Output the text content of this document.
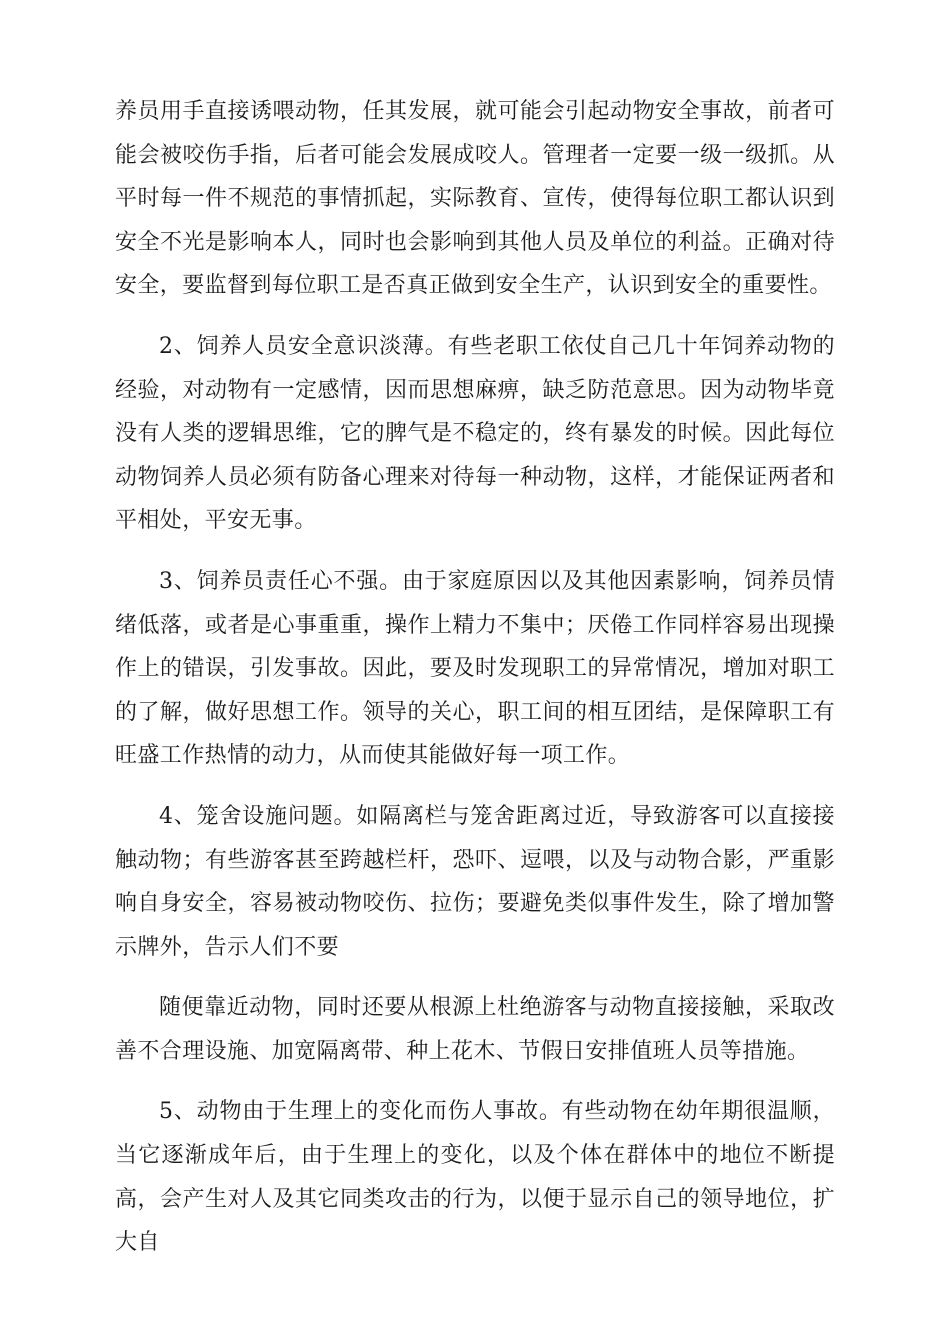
养员用手直接诱喂动物，任其发展，就可能会引起动物安全事故，前者可能会被咬伤手指，后者可能会发展成咬人。管理者一定要一级一级抓。从平时每一件不规范的事情抓起，实际教育、宣传，使得每位职工都认识到安全不光是影响本人，同时也会影响到其他人员及单位的利益。正确对待安全，要监督到每位职工是否真正做到安全生产，认识到安全的重要性。

2、饲养人员安全意识淡薄。有些老职工依仗自己几十年饲养动物的经验，对动物有一定感情，因而思想麻痹，缺乏防范意思。因为动物毕竟没有人类的逻辑思维，它的脾气是不稳定的，终有暴发的时候。因此每位动物饲养人员必须有防备心理来对待每一种动物，这样，才能保证两者和平相处，平安无事。

3、饲养员责任心不强。由于家庭原因以及其他因素影响，饲养员情绪低落，或者是心事重重，操作上精力不集中；厌倦工作同样容易出现操作上的错误，引发事故。因此，要及时发现职工的异常情况，增加对职工的了解，做好思想工作。领导的关心，职工间的相互团结，是保障职工有旺盛工作热情的动力，从而使其能做好每一项工作。

4、笼舍设施问题。如隔离栏与笼舍距离过近，导致游客可以直接接触动物；有些游客甚至跨越栏杆，恐吓、逗喂，以及与动物合影，严重影响自身安全，容易被动物咬伤、拉伤；要避免类似事件发生，除了增加警示牌外，告示人们不要

随便靠近动物，同时还要从根源上杜绝游客与动物直接接触，采取改善不合理设施、加宽隔离带、种上花木、节假日安排值班人员等措施。

5、动物由于生理上的变化而伤人事故。有些动物在幼年期很温顺，当它逐渐成年后，由于生理上的变化，以及个体在群体中的地位不断提高，会产生对人及其它同类攻击的行为，以便于显示自己的领导地位，扩大自
